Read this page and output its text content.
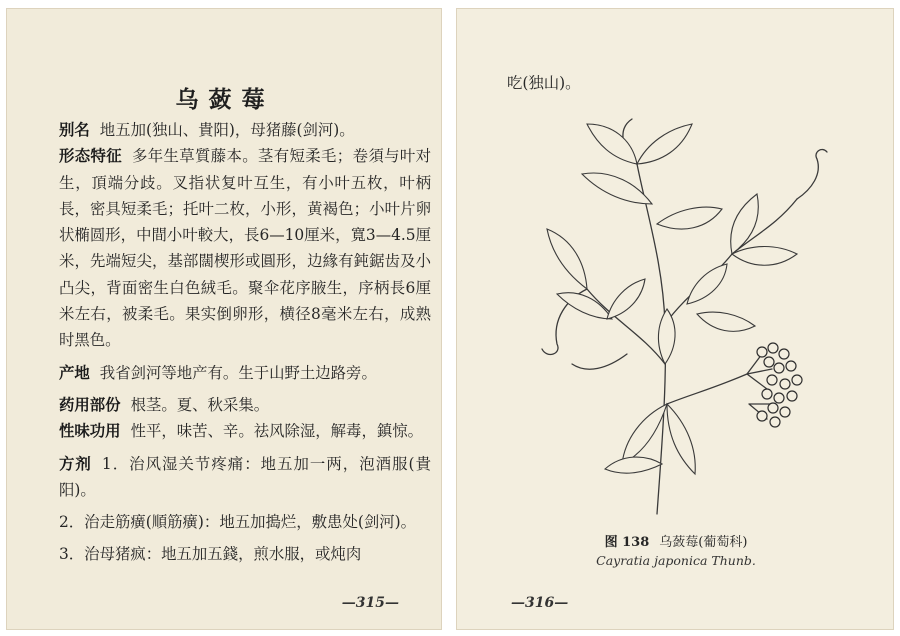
乌蔹莓

别名 地五加(独山、貴阳)，母猪藤(剑河)。

形态特征 多年生草質藤本。茎有短柔毛；卷須与叶对生，頂端分歧。叉指状复叶互生，有小叶五枚，叶柄長，密具短柔毛；托叶二枚，小形，黄褐色；小叶片卵状椭圆形，中間小叶較大，長6—10厘米，寬3—4.5厘米，先端短尖，基部闊楔形或圓形，边緣有鈍鋸齿及小凸尖，背面密生白色絨毛。聚伞花序腋生，序柄長6厘米左右，被柔毛。果实倒卵形，横径8毫米左右，成熟时黑色。

产地 我省剑河等地产有。生于山野土边路旁。

药用部份 根茎。夏、秋采集。

性味功用 性平，味苦、辛。祛风除湿，解毒，鎮惊。

方剂 1．治风湿关节疼痛：地五加一两，泡酒服(貴阳)。

2．治走筋癀(順筋癀)：地五加搗烂，敷患处(剑河)。

3．治母猪疯：地五加五錢，煎水服，或炖肉

—315—
吃(独山)。
图 138 乌蔹莓(葡萄科)
Cayratia japonica Thunb.
—316—
